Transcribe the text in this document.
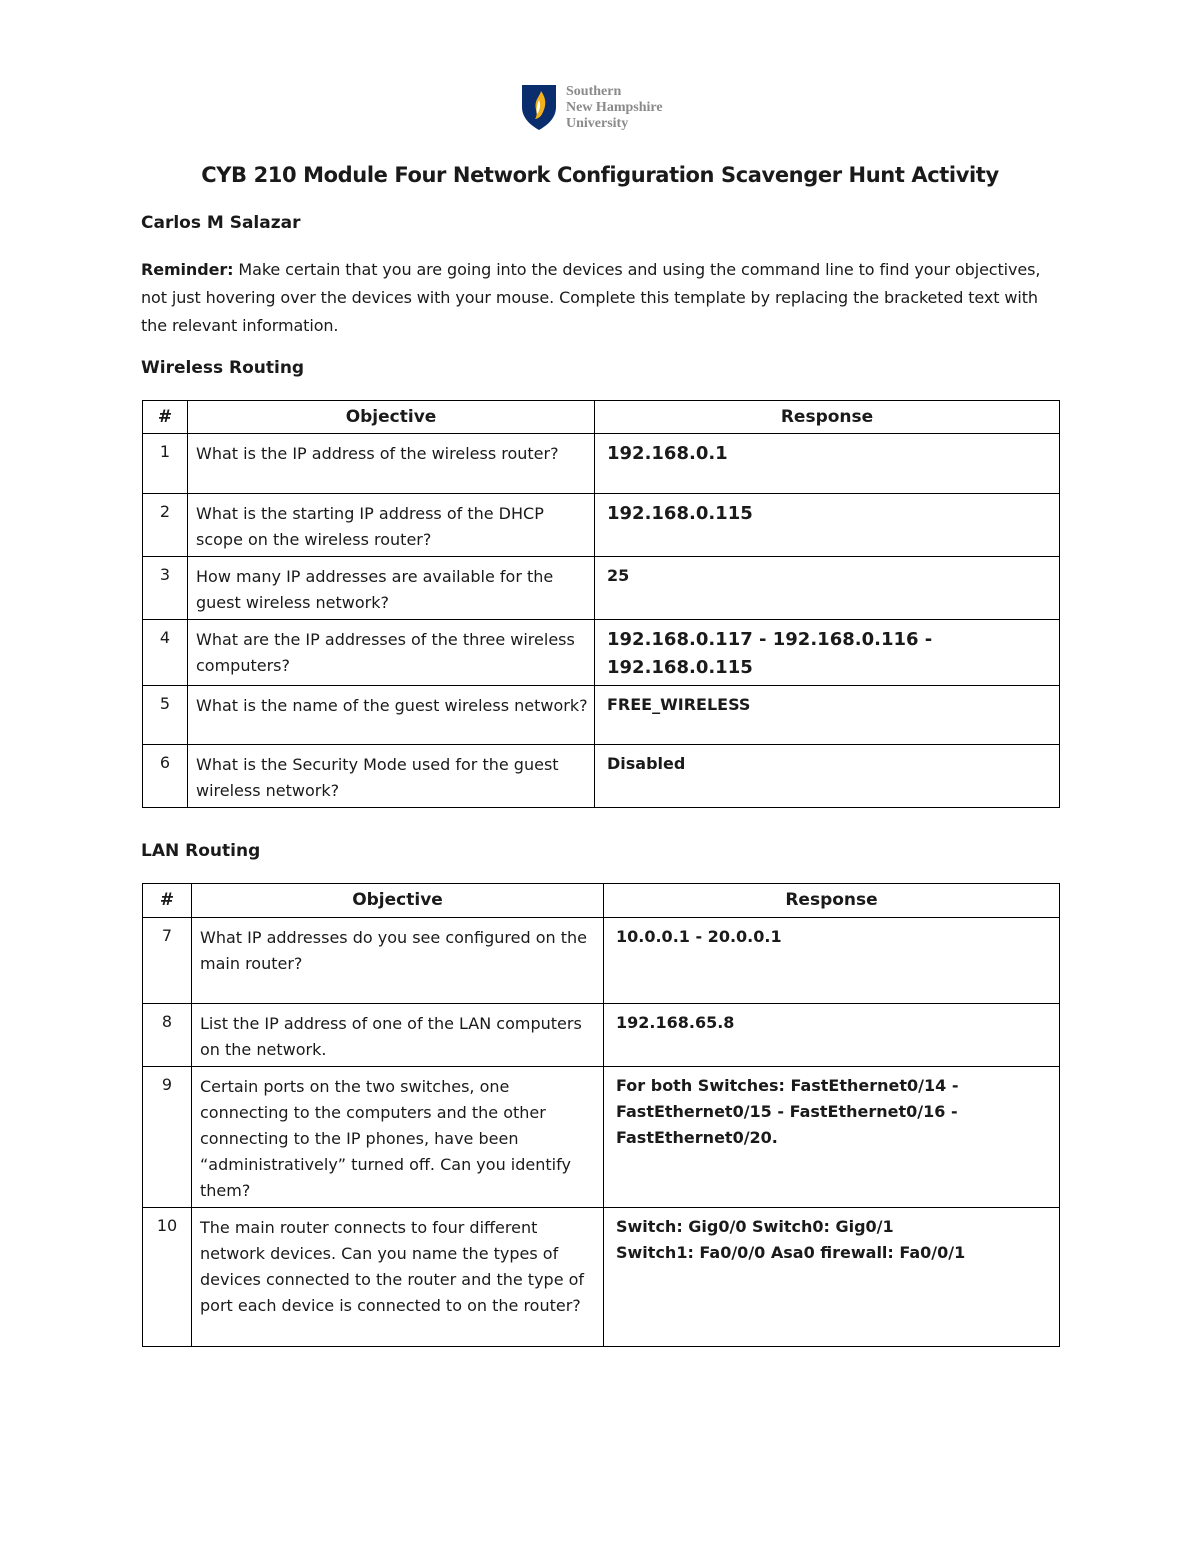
Southern
New Hampshire
University
CYB 210 Module Four Network Configuration Scavenger Hunt Activity
Carlos M Salazar
Reminder: Make certain that you are going into the devices and using the command line to find your objectives, not just hovering over the devices with your mouse. Complete this template by replacing the bracketed text with the relevant information.
Wireless Routing
#	Objective	Response
1	What is the IP address of the wireless router?	192.168.0.1
2	What is the starting IP address of the DHCP scope on the wireless router?	192.168.0.115
3	How many IP addresses are available for the guest wireless network?	25
4	What are the IP addresses of the three wireless computers?	192.168.0.117 - 192.168.0.116 - 192.168.0.115
5	What is the name of the guest wireless network?	FREE_WIRELESS
6	What is the Security Mode used for the guest wireless network?	Disabled
LAN Routing
#	Objective	Response
7	What IP addresses do you see configured on the main router?	10.0.0.1 - 20.0.0.1
8	List the IP address of one of the LAN computers on the network.	192.168.65.8
9	Certain ports on the two switches, one connecting to the computers and the other connecting to the IP phones, have been “administratively” turned off. Can you identify them?	For both Switches: FastEthernet0/14 - FastEthernet0/15 - FastEthernet0/16 - FastEthernet0/20.
10	The main router connects to four different network devices. Can you name the types of devices connected to the router and the type of port each device is connected to on the router?	Switch: Gig0/0 Switch0: Gig0/1
Switch1: Fa0/0/0 Asa0 firewall: Fa0/0/1
